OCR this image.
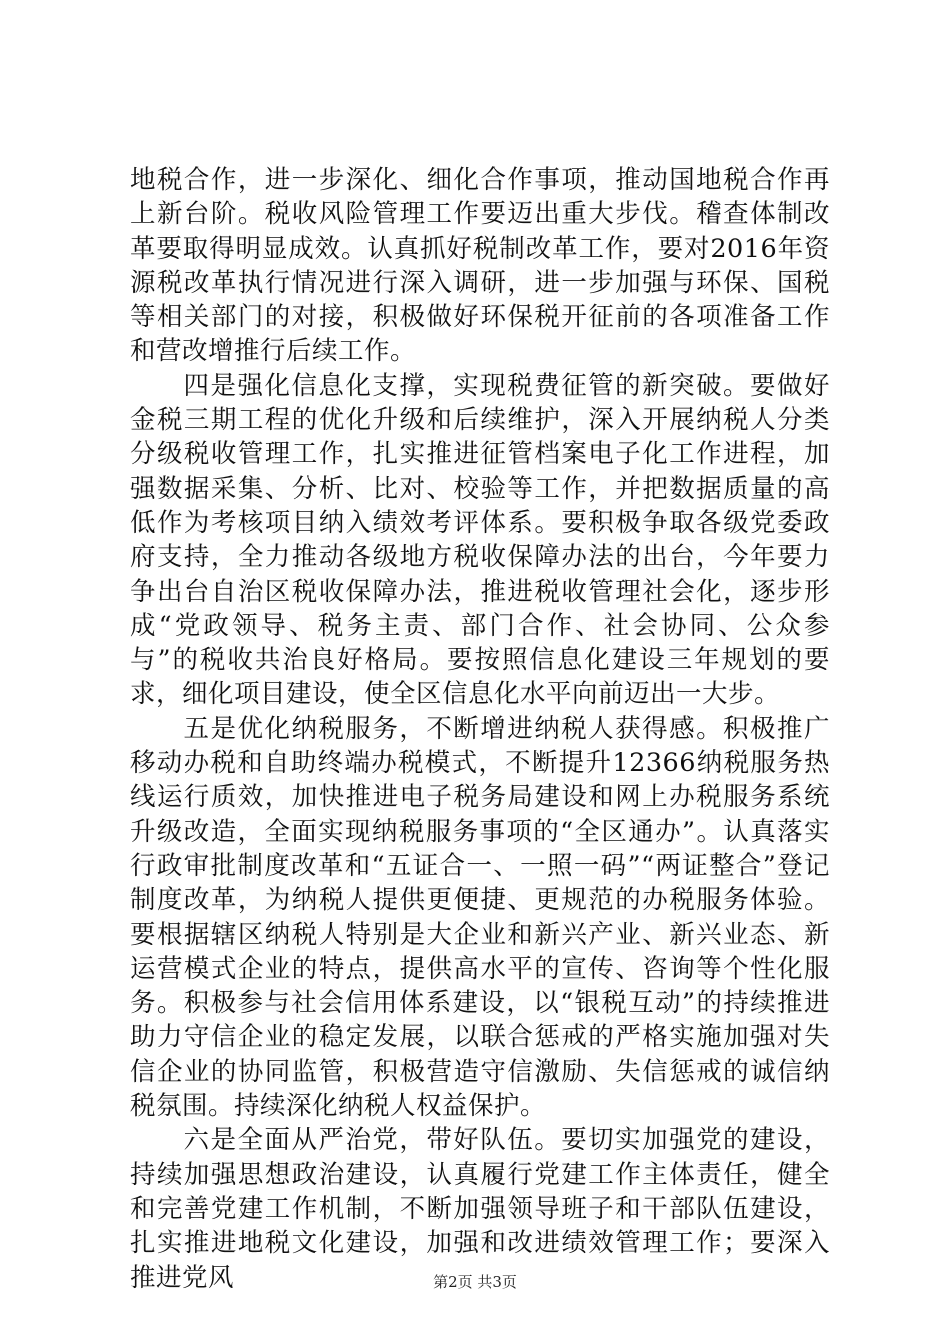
地税合作，进一步深化、细化合作事项，推动国地税合作再上新台阶。税收风险管理工作要迈出重大步伐。稽查体制改革要取得明显成效。认真抓好税制改革工作，要对2016年资源税改革执行情况进行深入调研，进一步加强与环保、国税等相关部门的对接，积极做好环保税开征前的各项准备工作和营改增推行后续工作。

四是强化信息化支撑，实现税费征管的新突破。要做好金税三期工程的优化升级和后续维护，深入开展纳税人分类分级税收管理工作，扎实推进征管档案电子化工作进程，加强数据采集、分析、比对、校验等工作，并把数据质量的高低作为考核项目纳入绩效考评体系。要积极争取各级党委政府支持，全力推动各级地方税收保障办法的出台，今年要力争出台自治区税收保障办法，推进税收管理社会化，逐步形成“党政领导、税务主责、部门合作、社会协同、公众参与”的税收共治良好格局。要按照信息化建设三年规划的要求，细化项目建设，使全区信息化水平向前迈出一大步。

五是优化纳税服务，不断增进纳税人获得感。积极推广移动办税和自助终端办税模式，不断提升12366纳税服务热线运行质效，加快推进电子税务局建设和网上办税服务系统升级改造，全面实现纳税服务事项的“全区通办”。认真落实行政审批制度改革和“五证合一、一照一码”“两证整合”登记制度改革，为纳税人提供更便捷、更规范的办税服务体验。要根据辖区纳税人特别是大企业和新兴产业、新兴业态、新运营模式企业的特点，提供高水平的宣传、咨询等个性化服务。积极参与社会信用体系建设，以“银税互动”的持续推进助力守信企业的稳定发展，以联合惩戒的严格实施加强对失信企业的协同监管，积极营造守信激励、失信惩戒的诚信纳税氛围。持续深化纳税人权益保护。

六是全面从严治党，带好队伍。要切实加强党的建设，持续加强思想政治建设，认真履行党建工作主体责任，健全和完善党建工作机制，不断加强领导班子和干部队伍建设，扎实推进地税文化建设，加强和改进绩效管理工作；要深入推进党风	第2页 共3页
